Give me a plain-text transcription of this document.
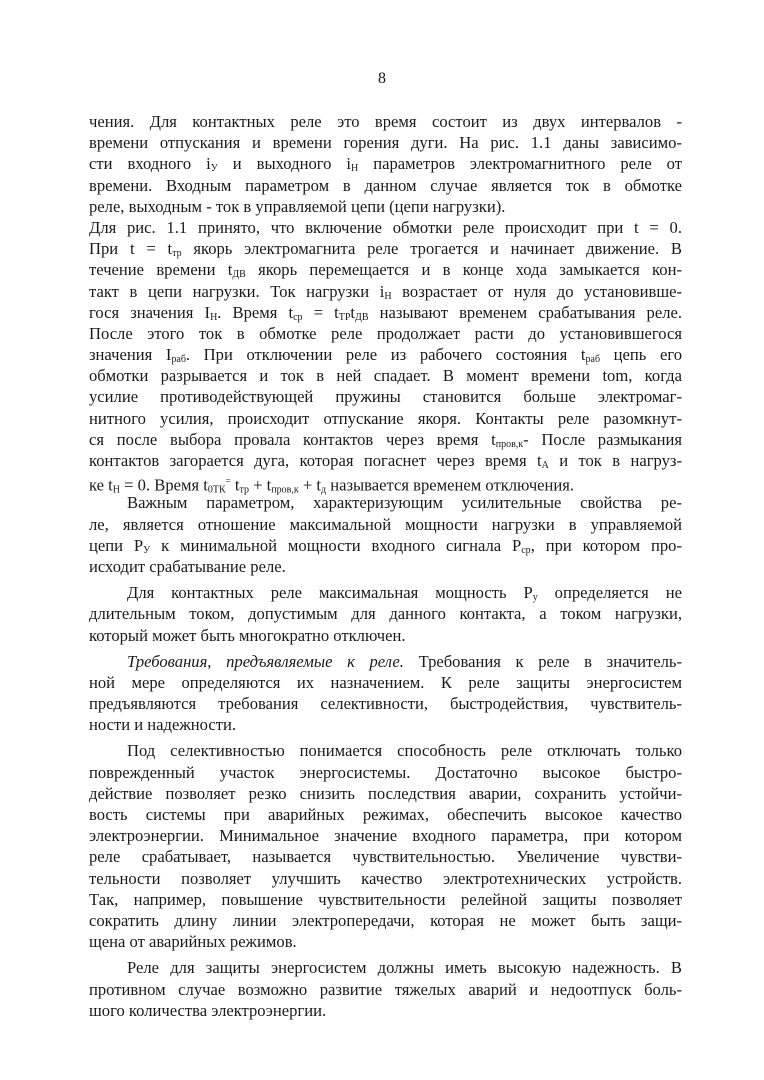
8
чения. Для контактных реле это время состоит из двух интервалов -
времени отпускания и времени горения дуги. На рис. 1.1 даны зависимо-
сти входного $i_У$ и выходного $i_Н$ параметров электромагнитного реле от
времени. Входным параметром в данном случае является ток в обмотке
реле, выходным - ток в управляемой цепи (цепи нагрузки).
Для рис. 1.1 принято, что включение обмотки реле происходит при t = 0.
При $t = t_{тр}$ якорь электромагнита реле трогается и начинает движение. В
течение времени $t_{ДВ}$ якорь перемещается и в конце хода замыкается кон-
такт в цепи нагрузки. Ток нагрузки $i_Н$ возрастает от нуля до установивше-
гося значения $I_Н$. Время $t_{ср} = t_{ТР}t_{ДВ}$ называют временем срабатывания реле.
После этого ток в обмотке реле продолжает расти до установившегося
значения $I_{раб}$. При отключении реле из рабочего состояния $t_{раб}$ цепь его
обмотки разрывается и ток в ней спадает. В момент времени tom, когда
усилие противодействующей пружины становится больше электромаг-
нитного усилия, происходит отпускание якоря. Контакты реле разомкнут-
ся после выбора провала контактов через время $t_{пров,к}-$ После размыкания
контактов загорается дуга, которая погаснет через время $t_А$ и ток в нагруз-
ке $t_Н = 0$. Время $t_{0ТК}^=$ $t_{тр} + t_{пров,к} + t_д$ называется временем отключения.
Важным параметром, характеризующим усилительные свойства ре-
ле, является отношение максимальной мощности нагрузки в управляемой
цепи $P_У$ к минимальной мощности входного сигнала $P_{ср}$, при котором про-
исходит срабатывание реле.
Для контактных реле максимальная мощность $P_у$ определяется не
длительным током, допустимым для данного контакта, а током нагрузки,
который может быть многократно отключен.
Требования, предъявляемые к реле. Требования к реле в значитель-
ной мере определяются их назначением. К реле защиты энергосистем
предъявляются требования селективности, быстродействия, чувствитель-
ности и надежности.
Под селективностью понимается способность реле отключать только
поврежденный участок энергосистемы. Достаточно высокое быстро-
действие позволяет резко снизить последствия аварии, сохранить устойчи-
вость системы при аварийных режимах, обеспечить высокое качество
электроэнергии. Минимальное значение входного параметра, при котором
реле срабатывает, называется чувствительностью. Увеличение чувстви-
тельности позволяет улучшить качество электротехнических устройств.
Так, например, повышение чувствительности релейной защиты позволяет
сократить длину линии электропередачи, которая не может быть защи-
щена от аварийных режимов.
Реле для защиты энергосистем должны иметь высокую надежность. В
противном случае возможно развитие тяжелых аварий и недоотпуск боль-
шого количества электроэнергии.
